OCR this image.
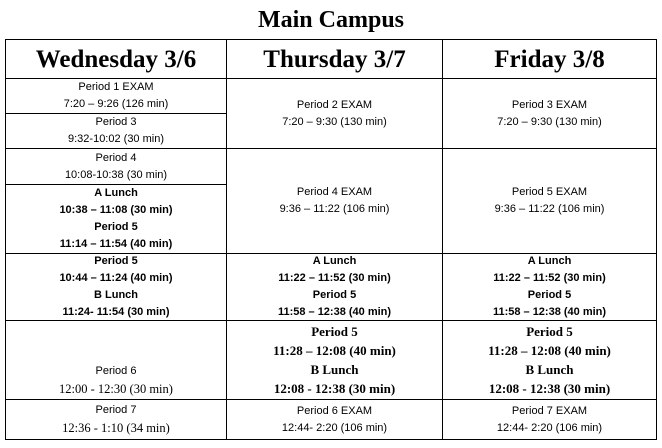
Main Campus
Wednesday 3/6	Thursday 3/7	Friday 3/8
Period 1 EXAM
7:20 – 9:26 (126 min)
Period 3
9:32-10:02 (30 min)
Period 4
10:08-10:38 (30 min)
A Lunch
10:38 – 11:08 (30 min)
Period 5
11:14 – 11:54 (40 min)
Period 5
10:44 – 11:24 (40 min)
B Lunch
11:24- 11:54 (30 min)
Period 6
12:00 - 12:30 (30 min)
Period 7
12:36 - 1:10 (34 min)
Period 2 EXAM
7:20 – 9:30 (130 min)
Period 4 EXAM
9:36 – 11:22 (106 min)
A Lunch
11:22 – 11:52 (30 min)
Period 5
11:58 – 12:38 (40 min)
Period 5
11:28 – 12:08 (40 min)
B Lunch
12:08 - 12:38 (30 min)
Period 6 EXAM
12:44- 2:20 (106 min)
Period 3 EXAM
7:20 – 9:30 (130 min)
Period 5 EXAM
9:36 – 11:22 (106 min)
A Lunch
11:22 – 11:52 (30 min)
Period 5
11:58 – 12:38 (40 min)
Period 5
11:28 – 12:08 (40 min)
B Lunch
12:08 - 12:38 (30 min)
Period 7 EXAM
12:44- 2:20 (106 min)
